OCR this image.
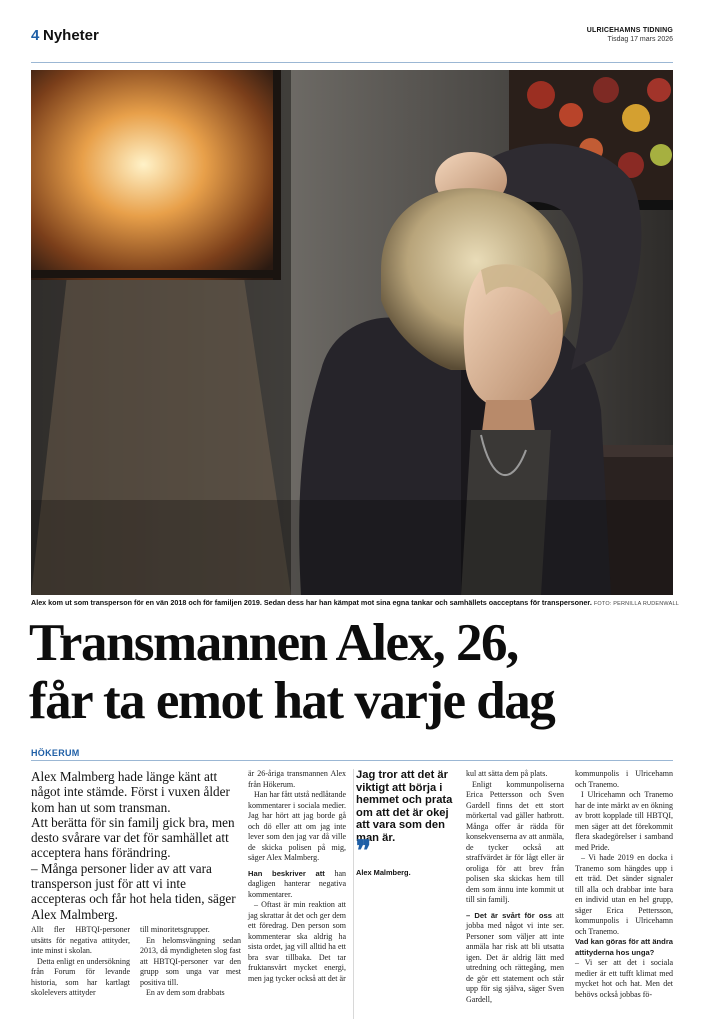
4 Nyheter	ULRICEHAMNS TIDNING
Tisdag 17 mars 2026
Alex kom ut som transperson för en vän 2018 och för familjen 2019. Sedan dess har han kämpat mot sina egna tankar och samhällets oacceptans för transpersoner. FOTO: PERNILLA RUDENWALL
Transmannen Alex, 26,
får ta emot hat varje dag
HÖKERUM

Alex Malmberg hade länge känt att något inte stämde. Först i vuxen ålder kom han ut som transman.

Att berätta för sin familj gick bra, men desto svårare var det för samhället att acceptera hans förändring.

– Många personer lider av att vara transperson just för att vi inte accepteras och får hot hela tiden, säger Alex Malmberg.

Allt fler HBTQI-personer utsätts för negativa attityder, inte minst i skolan.

Detta enligt en undersökning från Forum för levande historia, som har kartlagt skolelevers attityder

till minoritetsgrupper.

En helomsvängning sedan 2013, då myndigheten slog fast att HBTQI-personer var den grupp som unga var mest positiva till.

En av dem som drabbats

är 26-åriga transmannen Alex från Hökerum.

Han har fått utstå nedlåtande kommentarer i sociala medier. Jag har hört att jag borde gå och dö eller att om jag inte lever som den jag var då ville de skicka polisen på mig, säger Alex Malmberg.

Han beskriver att han dagligen hanterar negativa kommentarer.

– Oftast är min reaktion att jag skrattar åt det och ger dem ett föredrag. Den person som kommenterar ska aldrig ha sista ordet, jag vill alltid ha ett bra svar tillbaka. Det tar fruktansvärt mycket energi, men jag tycker också att det är

Jag tror att det är viktigt att börja i hemmet och prata om att det är okej att vara som den man är.
❞
Alex Malmberg.

kul att sätta dem på plats.

Enligt kommunpoliserna Erica Pettersson och Sven Gardell finns det ett stort mörkertal vad gäller hatbrott. Många offer är rädda för konsekvenserna av att anmäla, de tycker också att straffvärdet är för lågt eller är oroliga för att brev från polisen ska skickas hem till dem som ännu inte kommit ut till sin familj.

– Det är svårt för oss att jobba med något vi inte ser. Personer som väljer att inte anmäla har risk att bli utsatta igen. Det är aldrig lätt med utredning och rättegång, men de gör ett statement och står upp för sig själva, säger Sven Gardell,

kommunpolis i Ulricehamn och Tranemo.

I Ulricehamn och Tranemo har de inte märkt av en ökning av brott kopplade till HBTQI, men säger att det förekommit flera skadegörelser i samband med Pride.

– Vi hade 2019 en docka i Tranemo som hängdes upp i ett träd. Det sänder signaler till alla och drabbar inte bara en individ utan en hel grupp, säger Erica Pettersson, kommunpolis i Ulricehamn och Tranemo.

Vad kan göras för att ändra attityderna hos unga?

– Vi ser att det i sociala medier är ett tufft klimat med mycket hot och hat. Men det behövs också jobbas fö-
